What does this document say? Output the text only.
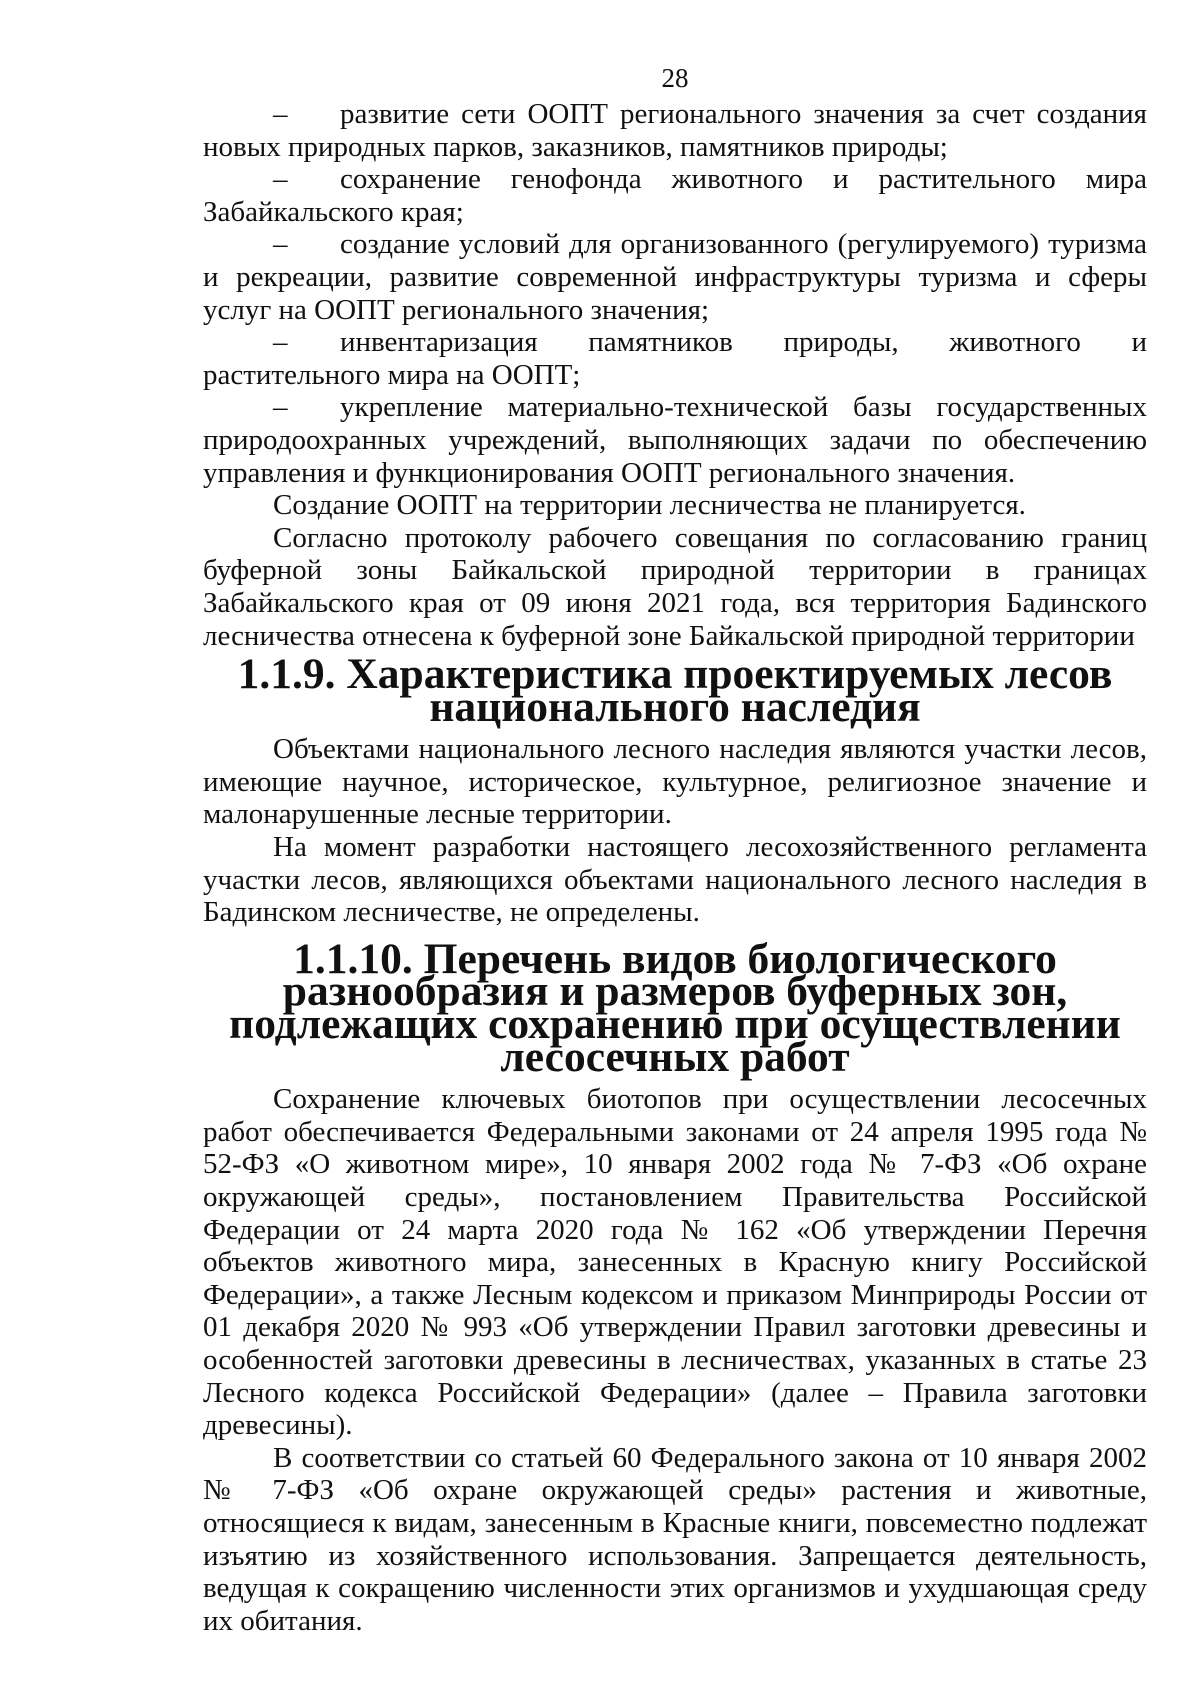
28

– развитие сети ООПТ регионального значения за счет создания новых природных парков, заказников, памятников природы;

– сохранение генофонда животного и растительного мира Забайкальского края;

– создание условий для организованного (регулируемого) туризма и рекреации, развитие современной инфраструктуры туризма и сферы услуг на ООПТ регионального значения;

– инвентаризация памятников природы, животного и растительного мира на ООПТ;

– укрепление материально-технической базы государственных природоохранных учреждений, выполняющих задачи по обеспечению управления и функционирования ООПТ регионального значения.

Создание ООПТ на территории лесничества не планируется.

Согласно протоколу рабочего совещания по согласованию границ буферной зоны Байкальской природной территории в границах Забайкальского края от 09 июня 2021 года, вся территория Бадинского лесничества отнесена к буферной зоне Байкальской природной территории

1.1.9. Характеристика проектируемых лесов национального наследия

Объектами национального лесного наследия являются участки лесов, имеющие научное, историческое, культурное, религиозное значение и малонарушенные лесные территории.

На момент разработки настоящего лесохозяйственного регламента участки лесов, являющихся объектами национального лесного наследия в Бадинском лесничестве, не определены.

1.1.10. Перечень видов биологического разнообразия и размеров буферных зон, подлежащих сохранению при осуществлении лесосечных работ

Сохранение ключевых биотопов при осуществлении лесосечных работ обеспечивается Федеральными законами от 24 апреля 1995 года № 52-ФЗ «О животном мире», 10 января 2002 года № 7-ФЗ «Об охране окружающей среды», постановлением Правительства Российской Федерации от 24 марта 2020 года № 162 «Об утверждении Перечня объектов животного мира, занесенных в Красную книгу Российской Федерации», а также Лесным кодексом и приказом Минприроды России от 01 декабря 2020 № 993 «Об утверждении Правил заготовки древесины и особенностей заготовки древесины в лесничествах, указанных в статье 23 Лесного кодекса Российской Федерации» (далее – Правила заготовки древесины).

В соответствии со статьей 60 Федерального закона от 10 января 2002 № 7-ФЗ «Об охране окружающей среды» растения и животные, относящиеся к видам, занесенным в Красные книги, повсеместно подлежат изъятию из хозяйственного использования. Запрещается деятельность, ведущая к сокращению численности этих организмов и ухудшающая среду их обитания.
